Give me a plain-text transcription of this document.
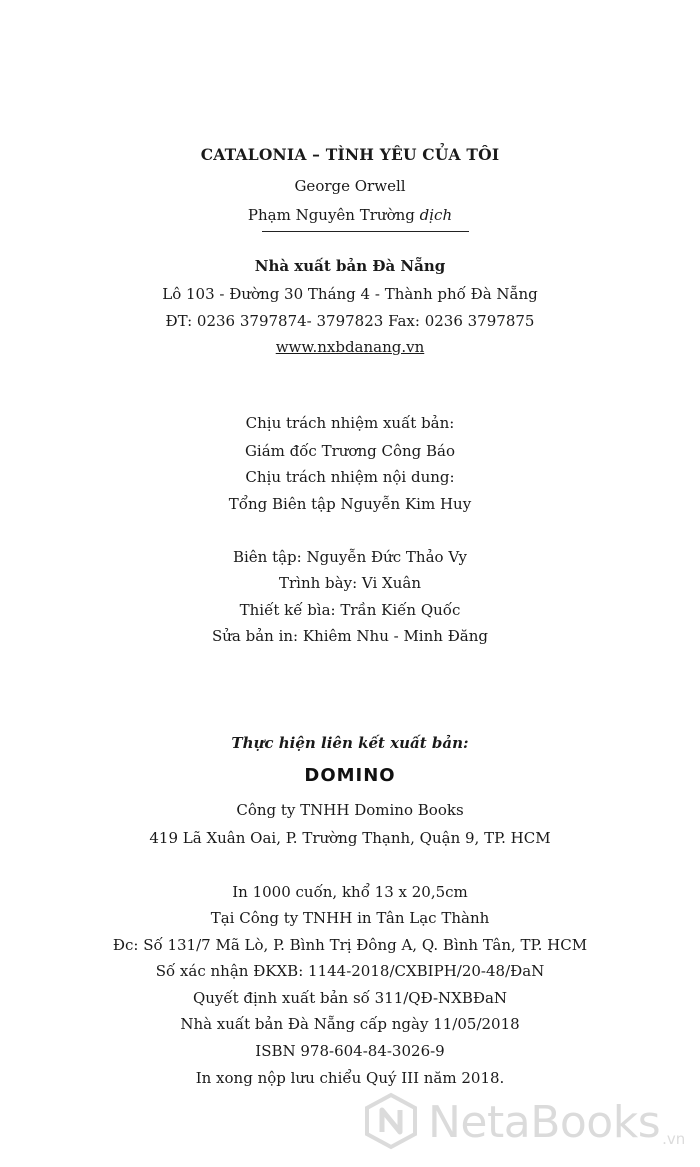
CATALONIA – TÌNH YÊU CỦA TÔI
George Orwell
Phạm Nguyên Trường dịch
Nhà xuất bản Đà Nẵng
Lô 103 - Đường 30 Tháng 4 - Thành phố Đà Nẵng
ĐT: 0236 3797874- 3797823 Fax: 0236 3797875
www.nxbdanang.vn
Chịu trách nhiệm xuất bản:
Giám đốc Trương Công Báo
Chịu trách nhiệm nội dung:
Tổng Biên tập Nguyễn Kim Huy
Biên tập: Nguyễn Đức Thảo Vy
Trình bày: Vi Xuân
Thiết kế bìa: Trần Kiến Quốc
Sửa bản in: Khiêm Nhu - Minh Đăng
Thực hiện liên kết xuất bản:
DOMINO
Công ty TNHH Domino Books
419 Lã Xuân Oai, P. Trường Thạnh, Quận 9, TP. HCM
In 1000 cuốn, khổ 13 x 20,5cm
Tại Công ty TNHH in Tân Lạc Thành
Đc: Số 131/7 Mã Lò, P. Bình Trị Đông A, Q. Bình Tân, TP. HCM
Số xác nhận ĐKXB: 1144-2018/CXBIPH/20-48/ĐaN
Quyết định xuất bản số 311/QĐ-NXBĐaN
Nhà xuất bản Đà Nẵng cấp ngày 11/05/2018
ISBN 978-604-84-3026-9
In xong nộp lưu chiểu Quý III năm 2018.
NetaBooks .vn
